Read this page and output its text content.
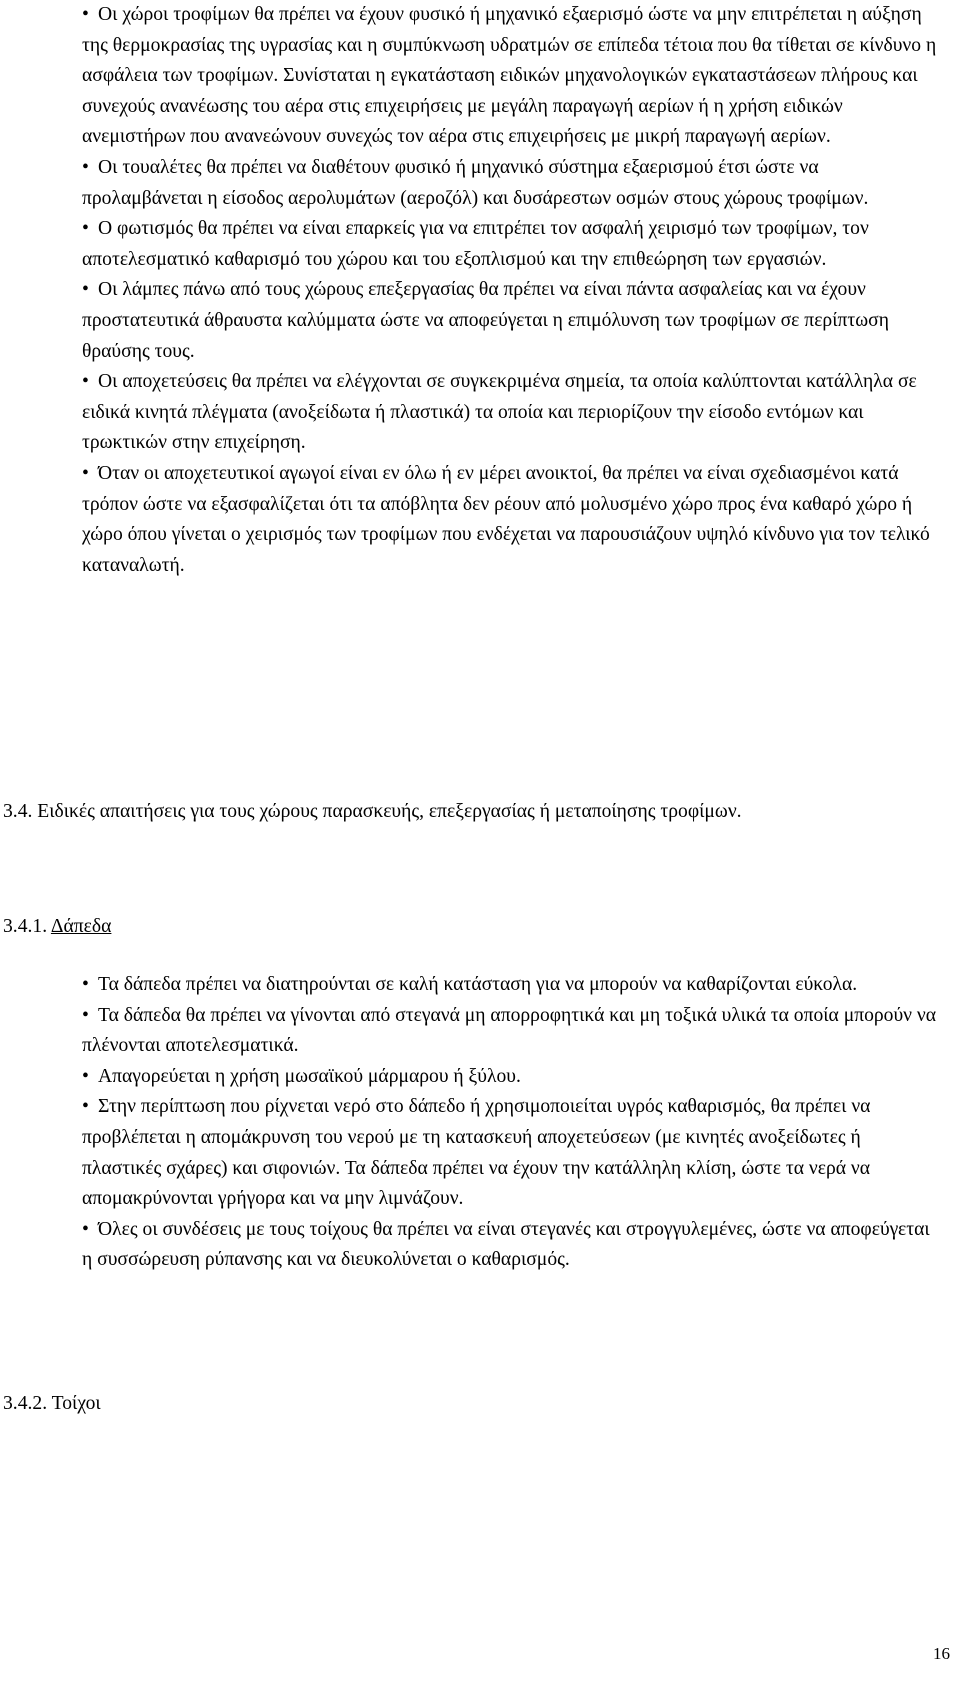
• Οι χώροι τροφίμων θα πρέπει να έχουν φυσικό ή μηχανικό εξαερισμό ώστε να μην επιτρέπεται η αύξηση της θερμοκρασίας της υγρασίας και η συμπύκνωση υδρατμών σε επίπεδα τέτοια που θα τίθεται σε κίνδυνο η ασφάλεια των τροφίμων. Συνίσταται η εγκατάσταση ειδικών μηχανολογικών εγκαταστάσεων πλήρους και συνεχούς ανανέωσης του αέρα στις επιχειρήσεις με μεγάλη παραγωγή αερίων ή η χρήση ειδικών ανεμιστήρων που ανανεώνουν συνεχώς τον αέρα στις επιχειρήσεις με μικρή παραγωγή αερίων.

• Οι τουαλέτες θα πρέπει να διαθέτουν φυσικό ή μηχανικό σύστημα εξαερισμού έτσι ώστε να προλαμβάνεται η είσοδος αερολυμάτων (αεροζόλ) και δυσάρεστων οσμών στους χώρους τροφίμων.

• Ο φωτισμός θα πρέπει να είναι επαρκείς για να επιτρέπει τον ασφαλή χειρισμό των τροφίμων, τον αποτελεσματικό καθαρισμό του χώρου και του εξοπλισμού και την επιθεώρηση των εργασιών.

• Οι λάμπες πάνω από τους χώρους επεξεργασίας θα πρέπει να είναι πάντα ασφαλείας και να έχουν προστατευτικά άθραυστα καλύμματα ώστε να αποφεύγεται η επιμόλυνση των τροφίμων σε περίπτωση θραύσης τους.

• Οι αποχετεύσεις θα πρέπει να ελέγχονται σε συγκεκριμένα σημεία, τα οποία καλύπτονται κατάλληλα σε ειδικά κινητά πλέγματα (ανοξείδωτα ή πλαστικά) τα οποία και περιορίζουν την είσοδο εντόμων και τρωκτικών στην επιχείρηση.

• Όταν οι αποχετευτικοί αγωγοί είναι εν όλω ή εν μέρει ανοικτοί, θα πρέπει να είναι σχεδιασμένοι κατά τρόπον ώστε να εξασφαλίζεται ότι τα απόβλητα δεν ρέουν από μολυσμένο χώρο προς ένα καθαρό χώρο ή χώρο όπου γίνεται ο χειρισμός των τροφίμων που ενδέχεται να παρουσιάζουν υψηλό κίνδυνο για τον τελικό καταναλωτή.

3.4. Ειδικές απαιτήσεις για τους χώρους παρασκευής, επεξεργασίας ή μεταποίησης τροφίμων.
3.4.1. Δάπεδα

• Τα δάπεδα πρέπει να διατηρούνται σε καλή κατάσταση για να μπορούν να καθαρίζονται εύκολα.

• Τα δάπεδα θα πρέπει να γίνονται από στεγανά μη απορροφητικά και μη τοξικά υλικά τα οποία μπορούν να πλένονται αποτελεσματικά.

• Απαγορεύεται η χρήση μωσαϊκού μάρμαρου ή ξύλου.

• Στην περίπτωση που ρίχνεται νερό στο δάπεδο ή χρησιμοποιείται υγρός καθαρισμός, θα πρέπει να προβλέπεται η απομάκρυνση του νερού με τη κατασκευή αποχετεύσεων (με κινητές ανοξείδωτες ή πλαστικές σχάρες) και σιφονιών. Τα δάπεδα πρέπει να έχουν την κατάλληλη κλίση, ώστε τα νερά να απομακρύνονται γρήγορα και να μην λιμνάζουν.

• Όλες οι συνδέσεις με τους τοίχους θα πρέπει να είναι στεγανές και στρογγυλεμένες, ώστε να αποφεύγεται η συσσώρευση ρύπανσης και να διευκολύνεται ο καθαρισμός.

3.4.2. Τοίχοι
16
